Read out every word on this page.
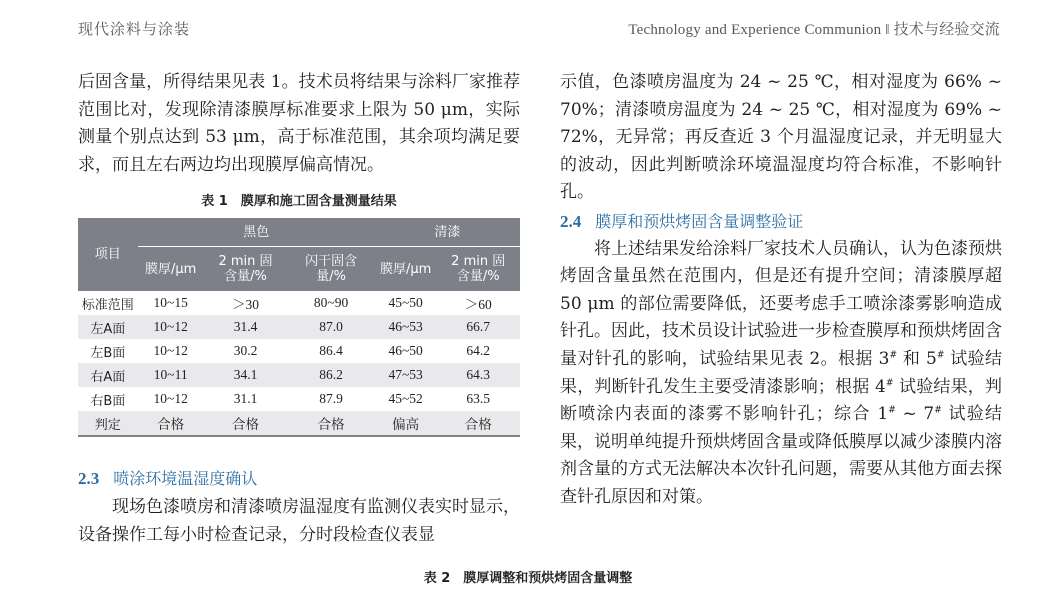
现代涂料与涂装	Technology and Experience Communion ‖ 技术与经验交流

后固含量，所得结果见表 1。技术员将结果与涂料厂家推荐范围比对，发现除清漆膜厚标准要求上限为 50 μm，实际测量个别点达到 53 μm，高于标准范围，其余项均满足要求，而且左右两边均出现膜厚偏高情况。

表 1　膜厚和施工固含量测量结果
项目	黑色			清漆	
	膜厚/μm	2 min 固含量/%	闪干固含量/%	膜厚/μm	2 min 固含量/%
标准范围	10~15	＞30	80~90	45~50	＞60
左A面	10~12	31.4	87.0	46~53	66.7
左B面	10~12	30.2	86.4	46~50	64.2
右A面	10~11	34.1	86.2	47~53	64.3
右B面	10~12	31.1	87.9	45~52	63.5
判定	合格	合格	合格	偏高	合格
2.3 喷涂环境温湿度确认

现场色漆喷房和清漆喷房温湿度有监测仪表实时显示，设备操作工每小时检查记录，分时段检查仪表显

示值，色漆喷房温度为 24 ~ 25 ℃，相对湿度为 66% ~ 70%；清漆喷房温度为 24 ~ 25 ℃，相对湿度为 69% ~ 72%，无异常；再反查近 3 个月温湿度记录，并无明显大的波动，因此判断喷涂环境温湿度均符合标准，不影响针孔。

2.4 膜厚和预烘烤固含量调整验证

将上述结果发给涂料厂家技术人员确认，认为色漆预烘烤固含量虽然在范围内，但是还有提升空间；清漆膜厚超 50 μm 的部位需要降低，还要考虑手工喷涂漆雾影响造成针孔。因此，技术员设计试验进一步检查膜厚和预烘烤固含量对针孔的影响，试验结果见表 2。根据 3# 和 5# 试验结果，判断针孔发生主要受清漆影响；根据 4# 试验结果，判断喷涂内表面的漆雾不影响针孔；综合 1# ~ 7# 试验结果，说明单纯提升预烘烤固含量或降低膜厚以减少漆膜内溶剂含量的方式无法解决本次针孔问题，需要从其他方面去探查针孔原因和对策。

表 2　膜厚调整和预烘烤固含量调整
